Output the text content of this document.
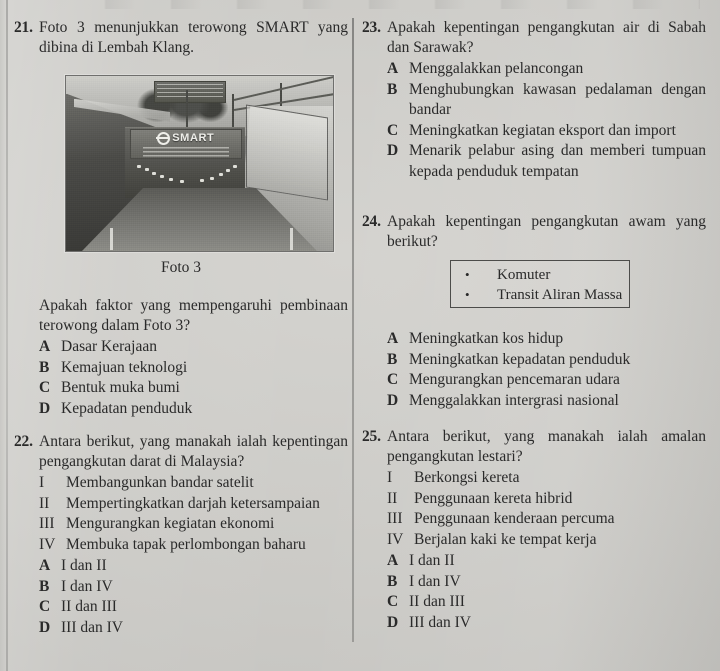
21. Foto 3 menunjukkan terowong SMART yang dibina di Lembah Klang.
SMART
Foto 3
Apakah faktor yang mempengaruhi pembinaan terowong dalam Foto 3?
A Dasar Kerajaan
B Kemajuan teknologi
C Bentuk muka bumi
D Kepadatan penduduk
22. Antara berikut, yang manakah ialah kepentingan pengangkutan darat di Malaysia?
I	Membangunkan bandar satelit
II	Mempertingkatkan darjah ketersampaian
III Mengurangkan kegiatan ekonomi
IV Membuka tapak perlombongan baharu
A I dan II
B I dan IV
C II dan III
D III dan IV
23. Apakah kepentingan pengangkutan air di Sabah dan Sarawak?
A Menggalakkan pelancongan
B Menghubungkan kawasan pedalaman dengan bandar
C Meningkatkan kegiatan eksport dan import
D Menarik pelabur asing dan memberi tumpuan kepada penduduk tempatan
24. Apakah kepentingan pengangkutan awam yang berikut?
•	Komuter
•	Transit Aliran Massa
A Meningkatkan kos hidup
B Meningkatkan kepadatan penduduk
C Mengurangkan pencemaran udara
D Menggalakkan intergrasi nasional
25. Antara berikut, yang manakah ialah amalan pengangkutan lestari?
I	Berkongsi kereta
II	Penggunaan kereta hibrid
III Penggunaan kenderaan percuma
IV Berjalan kaki ke tempat kerja
A I dan II
B I dan IV
C II dan III
D III dan IV
